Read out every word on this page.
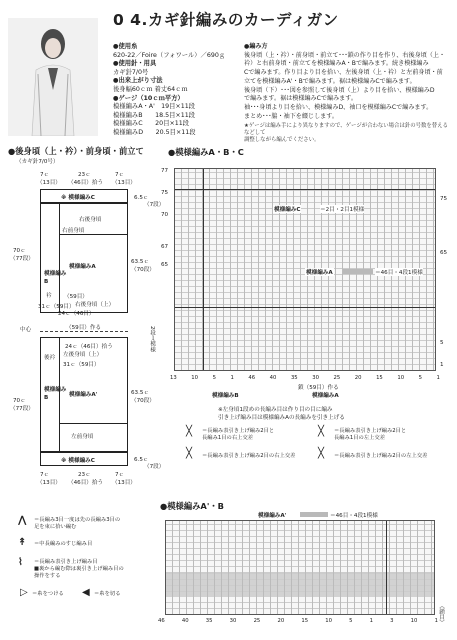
0 4.カギ針編みのカーディガン
●使用糸
620-22／Foire（フォワール）／690ｇ
●使用針・用具
カギ針7/0号
●出来上がり寸法
後身幅60ｃｍ 着丈64ｃｍ
●ゲージ（10ｃｍ平方）
模様編みA・A'　19目×11段
模様編みB　　18.5目×11段
模様編みC　　20目×11段
模様編みD　　20.5目×11段
●編み方
後身頃（上・衿）・前身頃・前立て･･･鎖の作り目を作り、右後身頃（上・
衿）と右前身頃・前立てを模様編みA・Bで編みます。続き模様編み
Cで編みます。作り目より目を拾い、左後身頃（上・衿）と左前身頃・前
立てを模様編みA'・Bで編みます。裾は模様編みCで編みます。
後身頃（下）･･･図を参照して後身頃（上）より目を拾い、模様編みD
で編みます。裾は模様編みCで編みます。
袖･･･身頃より目を拾い、模様編みD、袖口を模様編みCで編みます。
まとめ･･･脇・袖下を綴じします。
★ゲージは編み手により異なりますので、ゲージが合わない場合は針の号数を替えるなどして
調整しながら編んでください。
●後身頃（上・衿）・前身頃・前立て
（カギ針7/0号）
7ｃ	23ｃ	7ｃ
（13目） （46目）拾う （13目）
※ 模様編みC	6.5ｃ
（7段）
右前身頃
右後身頃
模様編みA
模様編み
B
衿 （59目）
右後身頃（上）
31ｃ（59目）
24ｃ（46目）
70ｃ
（77段）	63.5ｃ
（70段）
（59目）作る
中心
24ｃ（46目）拾う
左後身頃（上）
31ｃ（59目）
後衿
模様編みA'
模様編み
B
左前身頃
70ｃ
（77段）
63.5ｃ
（70段）
※ 模様編みC	6.5ｃ
（7段）
7ｃ	23ｃ	7ｃ
（13目） （46目）拾う （13目）
●模様編みA・B・C
模様編みC	＝2目・2目1模様
模様編みA	＝46目・4段1模様
77
75
70
67
65
2段１模様
75
65
5
1
13	10	5	1	46	40	35	30	25	20	15	10	5	1
鎖（59目）作る
模様編みB	模様編みA
※左身頃1段めの長編み目は作り目の目に編み
引き上げ編み目は模様編みAの長編みを引き上げる
╳ ＝長編み表引き上げ編み2目と
長編み1目の右上交差
╳ ＝長編み表引き上げ編み2目と
長編み1目の左上交差
╳ ＝長編み表引き上げ編み2目の右上交差 ╳ ＝長編み表引き上げ編み2目の左上交差
●模様編みA'・B
模様編みA'	＝46目・4段1模様
（鎖目）
46	40	35	30	25	20	15	10	5	1	3	10	1
⋀ ＝長編み3目一度は先の長編み3目の
足を束に拾い編む
↟ ＝中長編みのすじ編み目
⌇ ＝長編み表引き上げ編み目
■裏から編む際は裏引き上げ編み目の
操作をする
▷ ＝糸をつける ◀ ＝糸を切る
